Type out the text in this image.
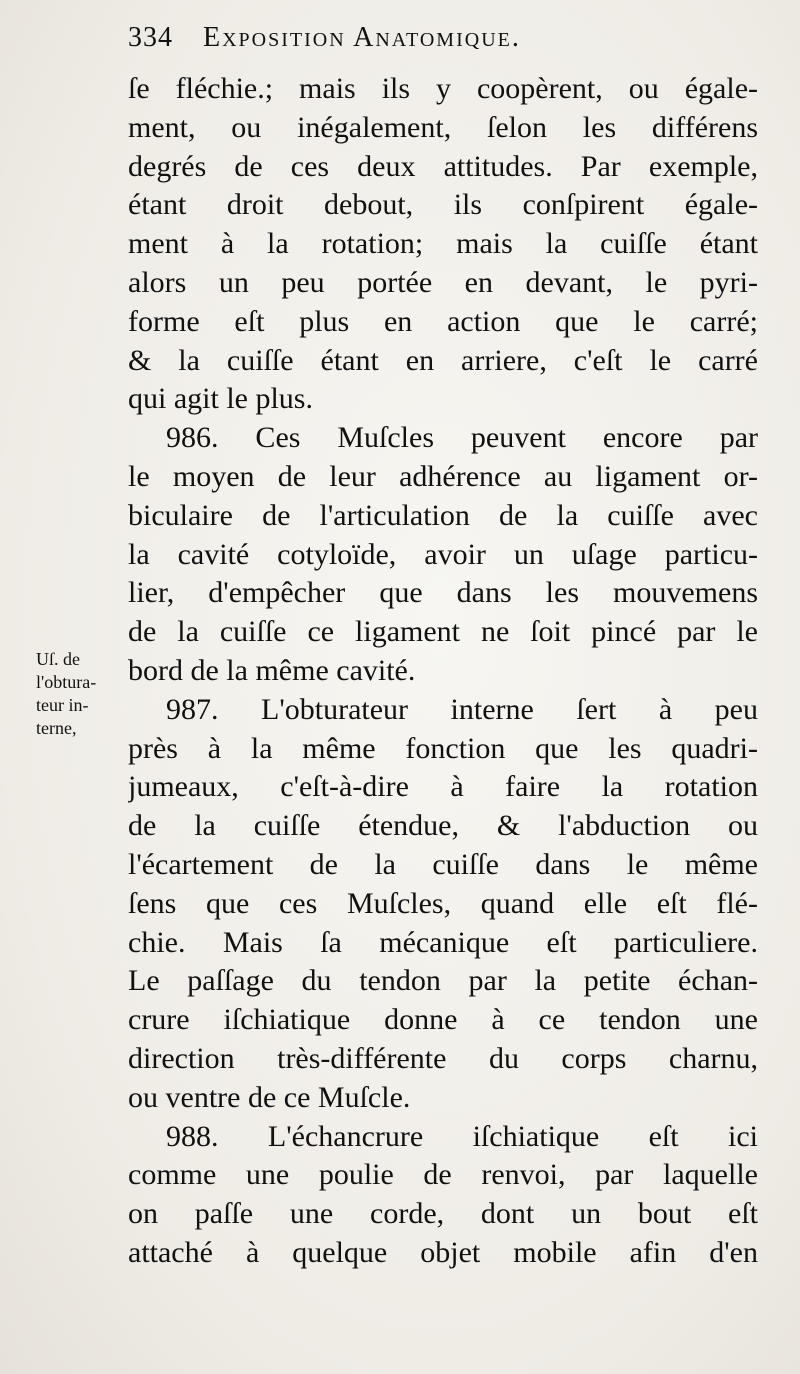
334 Exposition Anatomique.
Uſ. de
l'obtura-
teur in-
terne,
ſe fléchie.; mais ils y coopèrent, ou égale-
ment, ou inégalement, ſelon les différens
degrés de ces deux attitudes. Par exemple,
étant droit debout, ils conſpirent égale-
ment à la rotation; mais la cuiſſe étant
alors un peu portée en devant, le pyri-
forme eſt plus en action que le carré;
& la cuiſſe étant en arriere, c'eſt le carré
qui agit le plus.
986. Ces Muſcles peuvent encore par
le moyen de leur adhérence au ligament or-
biculaire de l'articulation de la cuiſſe avec
la cavité cotyloïde, avoir un uſage particu-
lier, d'empêcher que dans les mouvemens
de la cuiſſe ce ligament ne ſoit pincé par le
bord de la même cavité.
987. L'obturateur interne ſert à peu
près à la même fonction que les quadri-
jumeaux, c'eſt-à-dire à faire la rotation
de la cuiſſe étendue, & l'abduction ou
l'écartement de la cuiſſe dans le même
ſens que ces Muſcles, quand elle eſt flé-
chie. Mais ſa mécanique eſt particuliere.
Le paſſage du tendon par la petite échan-
crure iſchiatique donne à ce tendon une
direction très-différente du corps charnu,
ou ventre de ce Muſcle.
988. L'échancrure iſchiatique eſt ici
comme une poulie de renvoi, par laquelle
on paſſe une corde, dont un bout eſt
attaché à quelque objet mobile afin d'en
